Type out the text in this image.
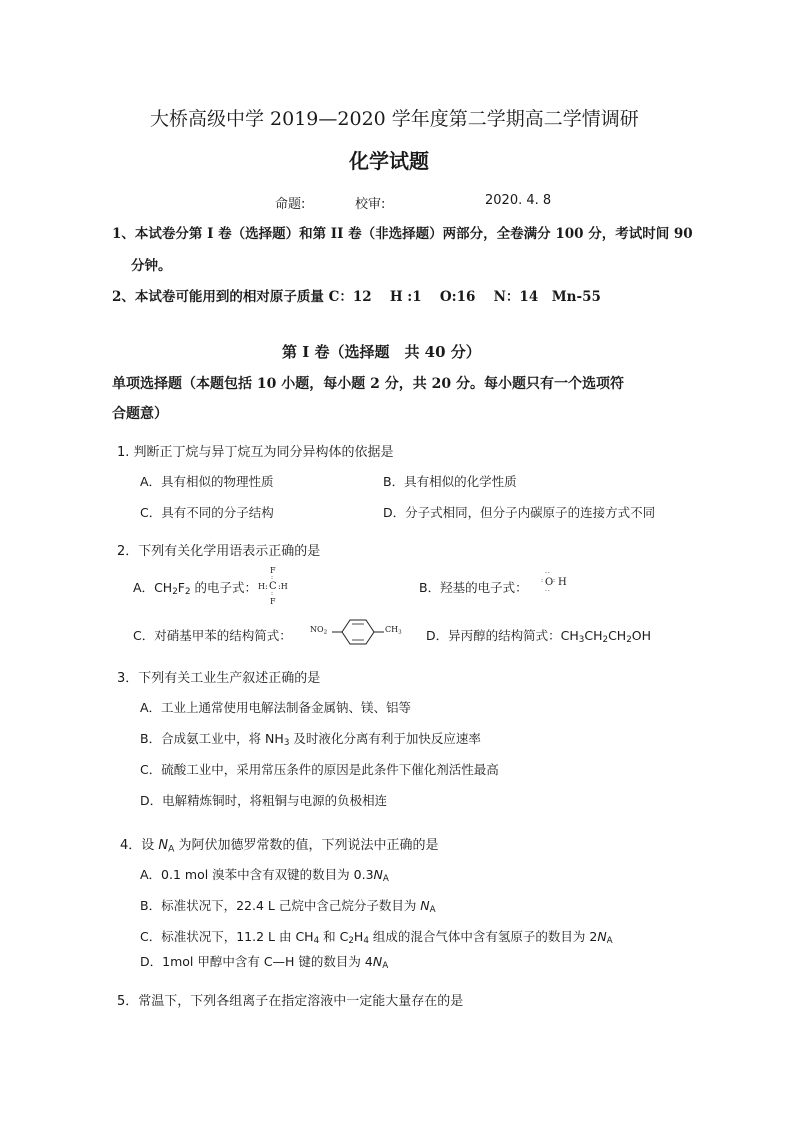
大桥高级中学 2019—2020 学年度第二学期高二学情调研
化学试题
命题:	校审:	2020. 4. 8
1、本试卷分第 I 卷（选择题）和第 II 卷（非选择题）两部分，全卷满分 100 分，考试时间 90
分钟。
2、本试卷可能用到的相对原子质量 C：12　 H :1　 O:16　 N：14　Mn-55
第 I 卷（选择题　共 40 分）
单项选择题（本题包括 10 小题，每小题 2 分，共 20 分。每小题只有一个选项符
合题意）
1. 判断正丁烷与异丁烷互为同分异构体的依据是
A．具有相似的物理性质	B．具有相似的化学性质
C．具有不同的分子结构	D．分子式相同，但分子内碳原子的连接方式不同
2．下列有关化学用语表示正确的是
A．$CH_2F_2$ 的电子式：
F
H: C :H
F
:
:	B．羟基的电子式：
··
: O : H
··
C．对硝基甲苯的结构简式： $NO_2$	$CH_3$ D．异丙醇的结构简式：$CH_3CH_2CH_2OH$
3．下列有关工业生产叙述正确的是
A．工业上通常使用电解法制备金属钠、镁、铝等
B．合成氨工业中，将 $NH_3$ 及时液化分离有利于加快反应速率
C．硫酸工业中，采用常压条件的原因是此条件下催化剂活性最高
D．电解精炼铜时，将粗铜与电源的负极相连
4．设 $N_A$ 为阿伏加德罗常数的值，下列说法中正确的是
A．0.1 mol 溴苯中含有双键的数目为 $0.3N_A$
B．标准状况下，22.4 L 己烷中含己烷分子数目为 $N_A$
C．标准状况下，11.2 L 由 $CH_4$ 和 $C_2H_4$ 组成的混合气体中含有氢原子的数目为 $2N_A$
D．1mol 甲醇中含有 C—H 键的数目为 $4N_A$
5．常温下，下列各组离子在指定溶液中一定能大量存在的是
